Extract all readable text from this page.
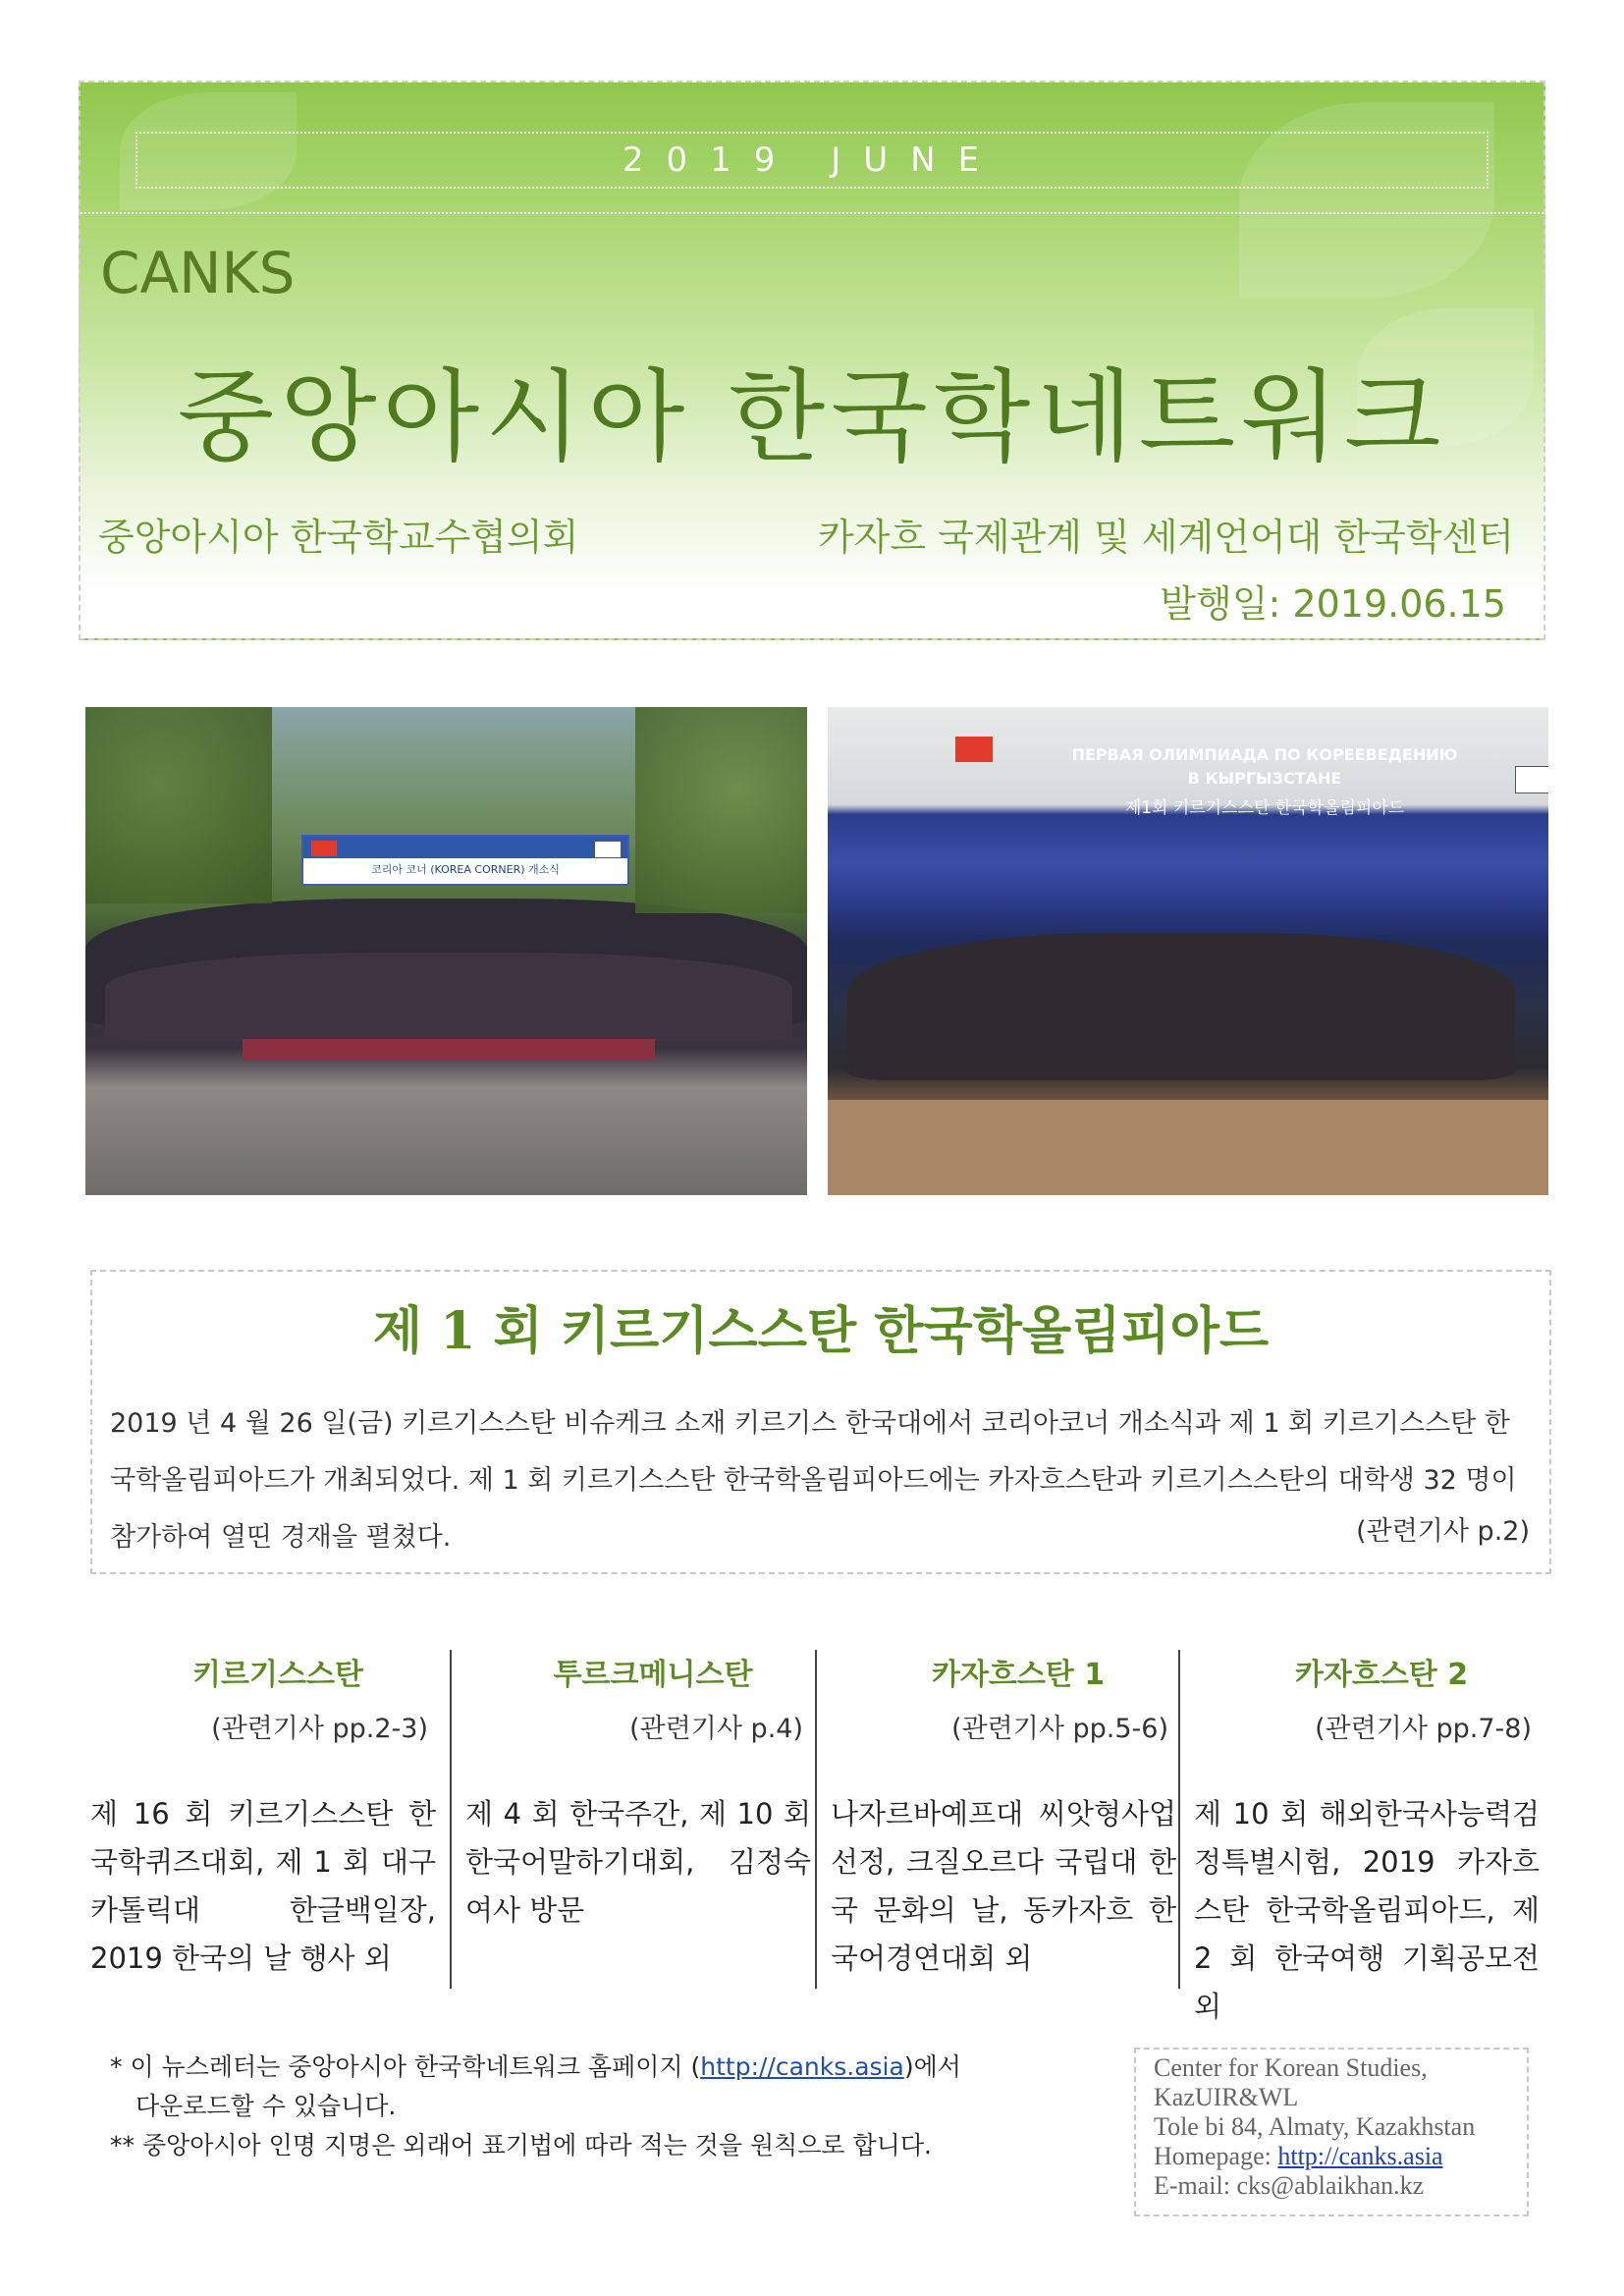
2019 JUNE
CANKS
중앙아시아 한국학네트워크
중앙아시아 한국학교수협의회	카자흐 국제관계 및 세계언어대 한국학센터
발행일: 2019.06.15
코리아 코너 (KOREA CORNER) 개소식
ПЕРВАЯ ОЛИМПИАДА ПО КОРЕЕВЕДЕНИЮ
В КЫРГЫЗСТАНЕ
제1회 키르기스스탄 한국학올림피아드
제 1 회 키르기스스탄 한국학올림피아드
2019 년 4 월 26 일(금) 키르기스스탄 비슈케크 소재 키르기스 한국대에서 코리아코너 개소식과 제 1 회 키르기스스탄 한국학올림피아드가 개최되었다. 제 1 회 키르기스스탄 한국학올림피아드에는 카자흐스탄과 키르기스스탄의 대학생 32 명이 참가하여 열띤 경재을 펼쳤다.	(관련기사 p.2)
키르기스스탄
(관련기사 pp.2-3)
제 16 회 키르기스스탄 한국학퀴즈대회, 제 1 회 대구카톨릭대 한글백일장, 2019 한국의 날 행사 외
투르크메니스탄
(관련기사 p.4)
제 4 회 한국주간, 제 10 회 한국어말하기대회, 김정숙 여사 방문
카자흐스탄 1
(관련기사 pp.5-6)
나자르바예프대 씨앗형사업 선정, 크질오르다 국립대 한국 문화의 날, 동카자흐 한국어경연대회 외
카자흐스탄 2
(관련기사 pp.7-8)
제 10 회 해외한국사능력검정특별시험, 2019 카자흐스탄 한국학올림피아드, 제 2 회 한국여행 기획공모전 외
* 이 뉴스레터는 중앙아시아 한국학네트워크 홈페이지 (http://canks.asia)에서
다운로드할 수 있습니다.
** 중앙아시아 인명 지명은 외래어 표기법에 따라 적는 것을 원칙으로 합니다.
Center for Korean Studies,
KazUIR&WL
Tole bi 84, Almaty, Kazakhstan
Homepage: http://canks.asia
E-mail: cks@ablaikhan.kz
